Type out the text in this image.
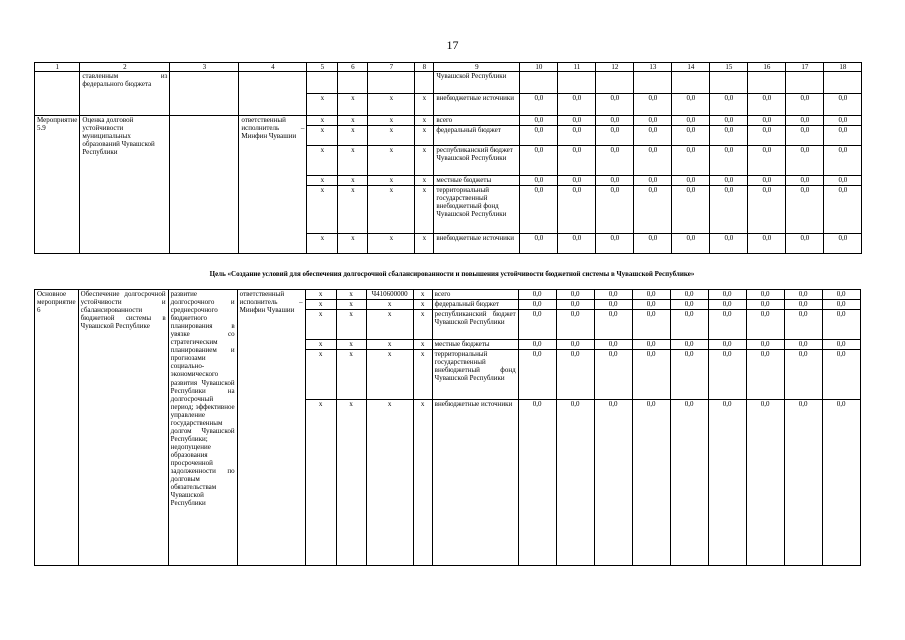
17
1	2	3	4	5	6	7	8	9	10	11	12	13	14	15	16	17	18
	ставленным из федерального бюджета							Чувашской Республики									
				x	x	x	x	внебюджетные источники	0,0	0,0	0,0	0,0	0,0	0,0	0,0	0,0	0,0
Мероприятие 5.9	Оценка долговой устойчивости муниципальных образований Чувашской Республики		ответственный исполнитель – Минфин Чувашии	x	x	x	x	всего	0,0	0,0	0,0	0,0	0,0	0,0	0,0	0,0	0,0
				x	x	x	x	федеральный бюджет	0,0	0,0	0,0	0,0	0,0	0,0	0,0	0,0	0,0
				x	x	x	x	республиканский бюджет Чувашской Республики	0,0	0,0	0,0	0,0	0,0	0,0	0,0	0,0	0,0
				x	x	x	x	местные бюджеты	0,0	0,0	0,0	0,0	0,0	0,0	0,0	0,0	0,0
				x	x	x	x	территориальный государственный внебюджетный фонд Чувашской Республики	0,0	0,0	0,0	0,0	0,0	0,0	0,0	0,0	0,0
				x	x	x	x	внебюджетные источники	0,0	0,0	0,0	0,0	0,0	0,0	0,0	0,0	0,0
Цель «Создание условий для обеспечения долгосрочной сбалансированности и повышения устойчивости бюджетной системы в Чувашской Республике»
Основное мероприятие 6	Обеспечение долгосрочной устойчивости и сбалансированности бюджетной системы в Чувашской Республике	развитие долгосрочного и среднесрочного бюджетного планирования в увязке со стратегическим планированием и прогнозами социально-экономического развития Чувашской Республики на долгосрочный период; эффективное управление государственным долгом Чувашской Республики; недопущение образования просроченной задолженности по долговым обязательствам Чувашской Республики	ответственный исполнитель – Минфин Чувашии	x	x	Ч410600000	x	всего	0,0	0,0	0,0	0,0	0,0	0,0	0,0	0,0	0,0
				x	x	x	x	федеральный бюджет	0,0	0,0	0,0	0,0	0,0	0,0	0,0	0,0	0,0
				x	x	x	x	республиканский бюджет Чувашской Республики	0,0	0,0	0,0	0,0	0,0	0,0	0,0	0,0	0,0
				x	x	x	x	местные бюджеты	0,0	0,0	0,0	0,0	0,0	0,0	0,0	0,0	0,0
				x	x	x	x	территориальный государственный внебюджетный фонд Чувашской Республики	0,0	0,0	0,0	0,0	0,0	0,0	0,0	0,0	0,0
				x	x	x	x	внебюджетные источники	0,0	0,0	0,0	0,0	0,0	0,0	0,0	0,0	0,0
